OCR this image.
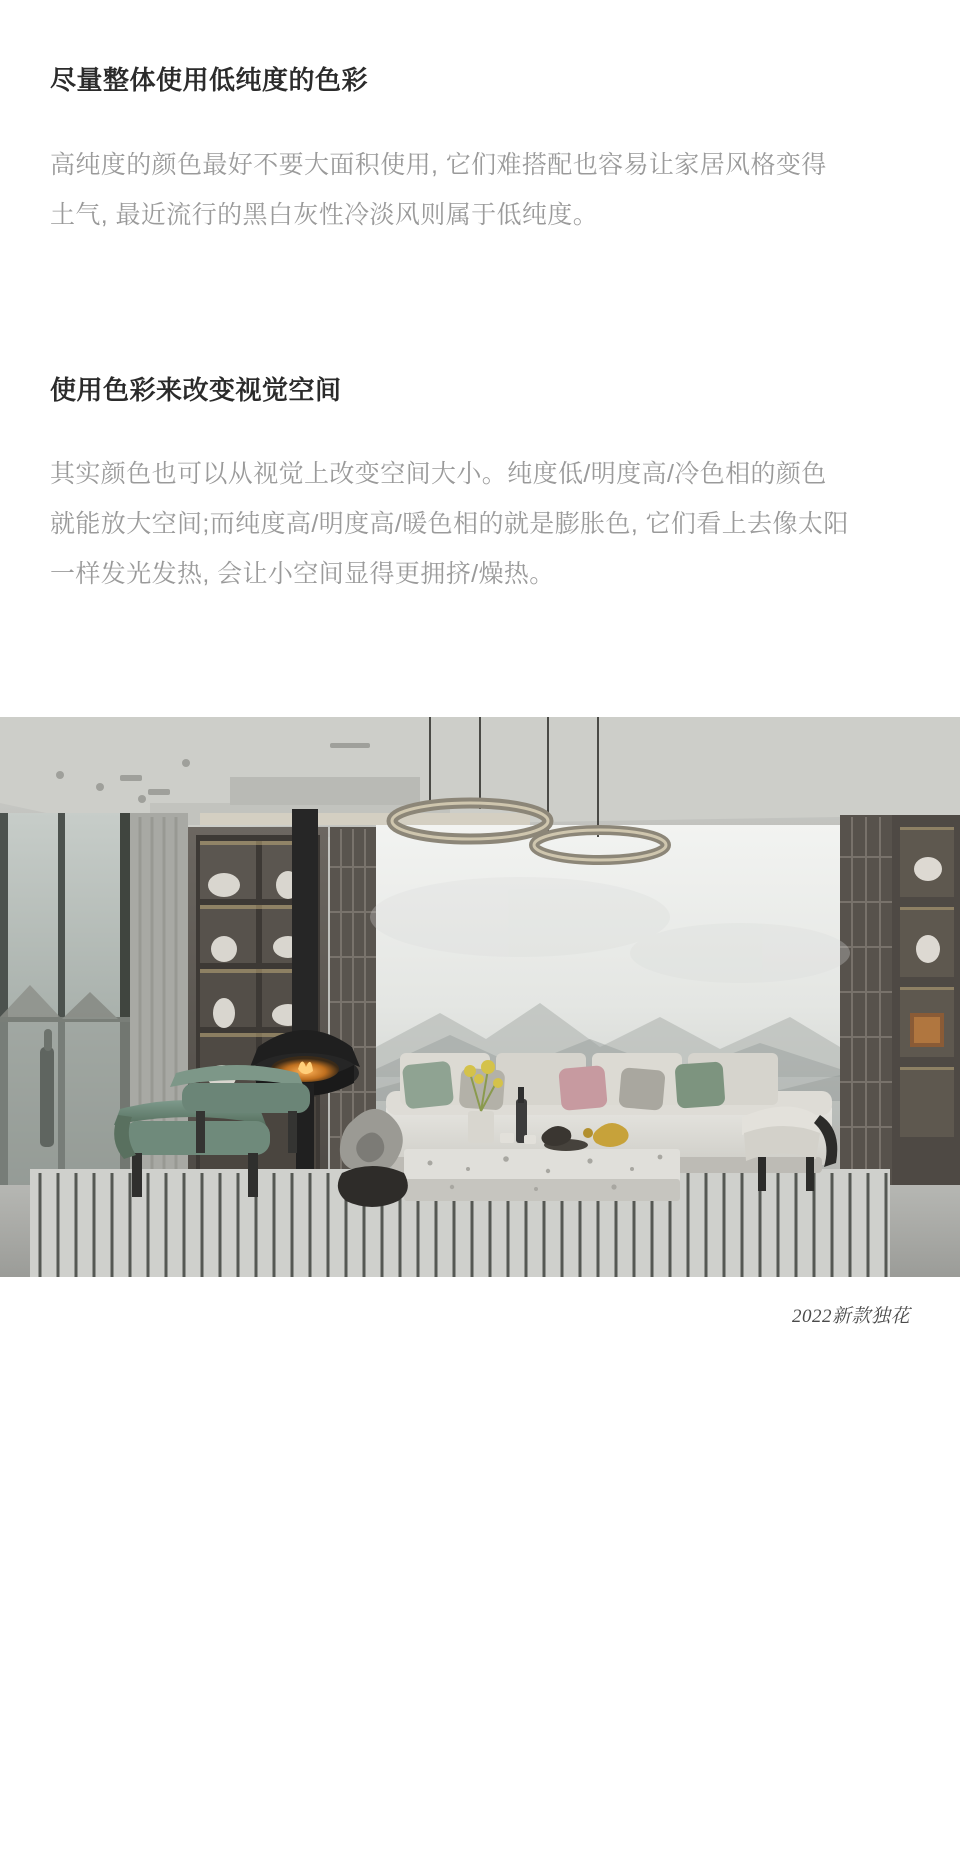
尽量整体使用低纯度的色彩

高纯度的颜色最好不要大面积使用, 它们难搭配也容易让家居风格变得土气, 最近流行的黑白灰性冷淡风则属于低纯度。

使用色彩来改变视觉空间

其实颜色也可以从视觉上改变空间大小。纯度低/明度高/冷色相的颜色就能放大空间;而纯度高/明度高/暖色相的就是膨胀色, 它们看上去像太阳一样发光发热, 会让小空间显得更拥挤/燥热。

2022新款独花
